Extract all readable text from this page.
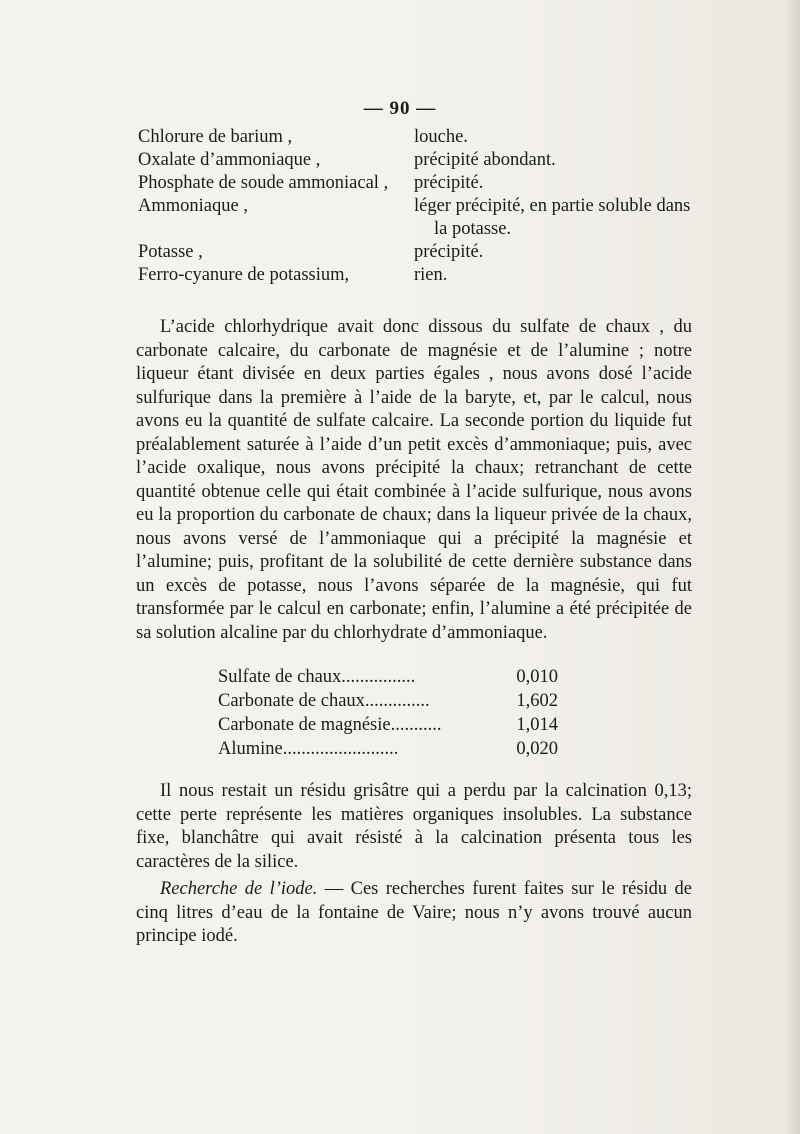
— 90 —
Chlorure de barium ,	louche.
Oxalate d’ammoniaque ,	précipité abondant.
Phosphate de soude ammoniacal , précipité.
Ammoniaque ,	léger précipité, en partie soluble dans
la potasse.
Potasse ,	précipité.
Ferro-cyanure de potassium,	rien.

L’acide chlorhydrique avait donc dissous du sulfate de chaux , du carbonate calcaire, du carbonate de magnésie et de l’alumine ; notre liqueur étant divisée en deux parties égales , nous avons dosé l’acide sulfurique dans la première à l’aide de la baryte, et, par le calcul, nous avons eu la quantité de sulfate calcaire. La seconde portion du liquide fut préalablement saturée à l’aide d’un petit excès d’ammoniaque; puis, avec l’acide oxalique, nous avons précipité la chaux; retranchant de cette quantité obtenue celle qui était combinée à l’acide sulfurique, nous avons eu la proportion du carbonate de chaux; dans la liqueur privée de la chaux, nous avons versé de l’ammoniaque qui a précipité la magnésie et l’alumine; puis, profitant de la solubilité de cette dernière substance dans un excès de potasse, nous l’avons séparée de la magnésie, qui fut transformée par le calcul en carbonate; enfin, l’alumine a été précipitée de sa solution alcaline par du chlorhydrate d’ammoniaque.

Sulfate de chaux................	0,010
Carbonate de chaux..............	1,602
Carbonate de magnésie...........	1,014
Alumine.........................	0,020

Il nous restait un résidu grisâtre qui a perdu par la calcination 0,13; cette perte représente les matières organiques insolubles. La substance fixe, blanchâtre qui avait résisté à la calcination présenta tous les caractères de la silice.

Recherche de l’iode. — Ces recherches furent faites sur le résidu de cinq litres d’eau de la fontaine de Vaire; nous n’y avons trouvé aucun principe iodé.
